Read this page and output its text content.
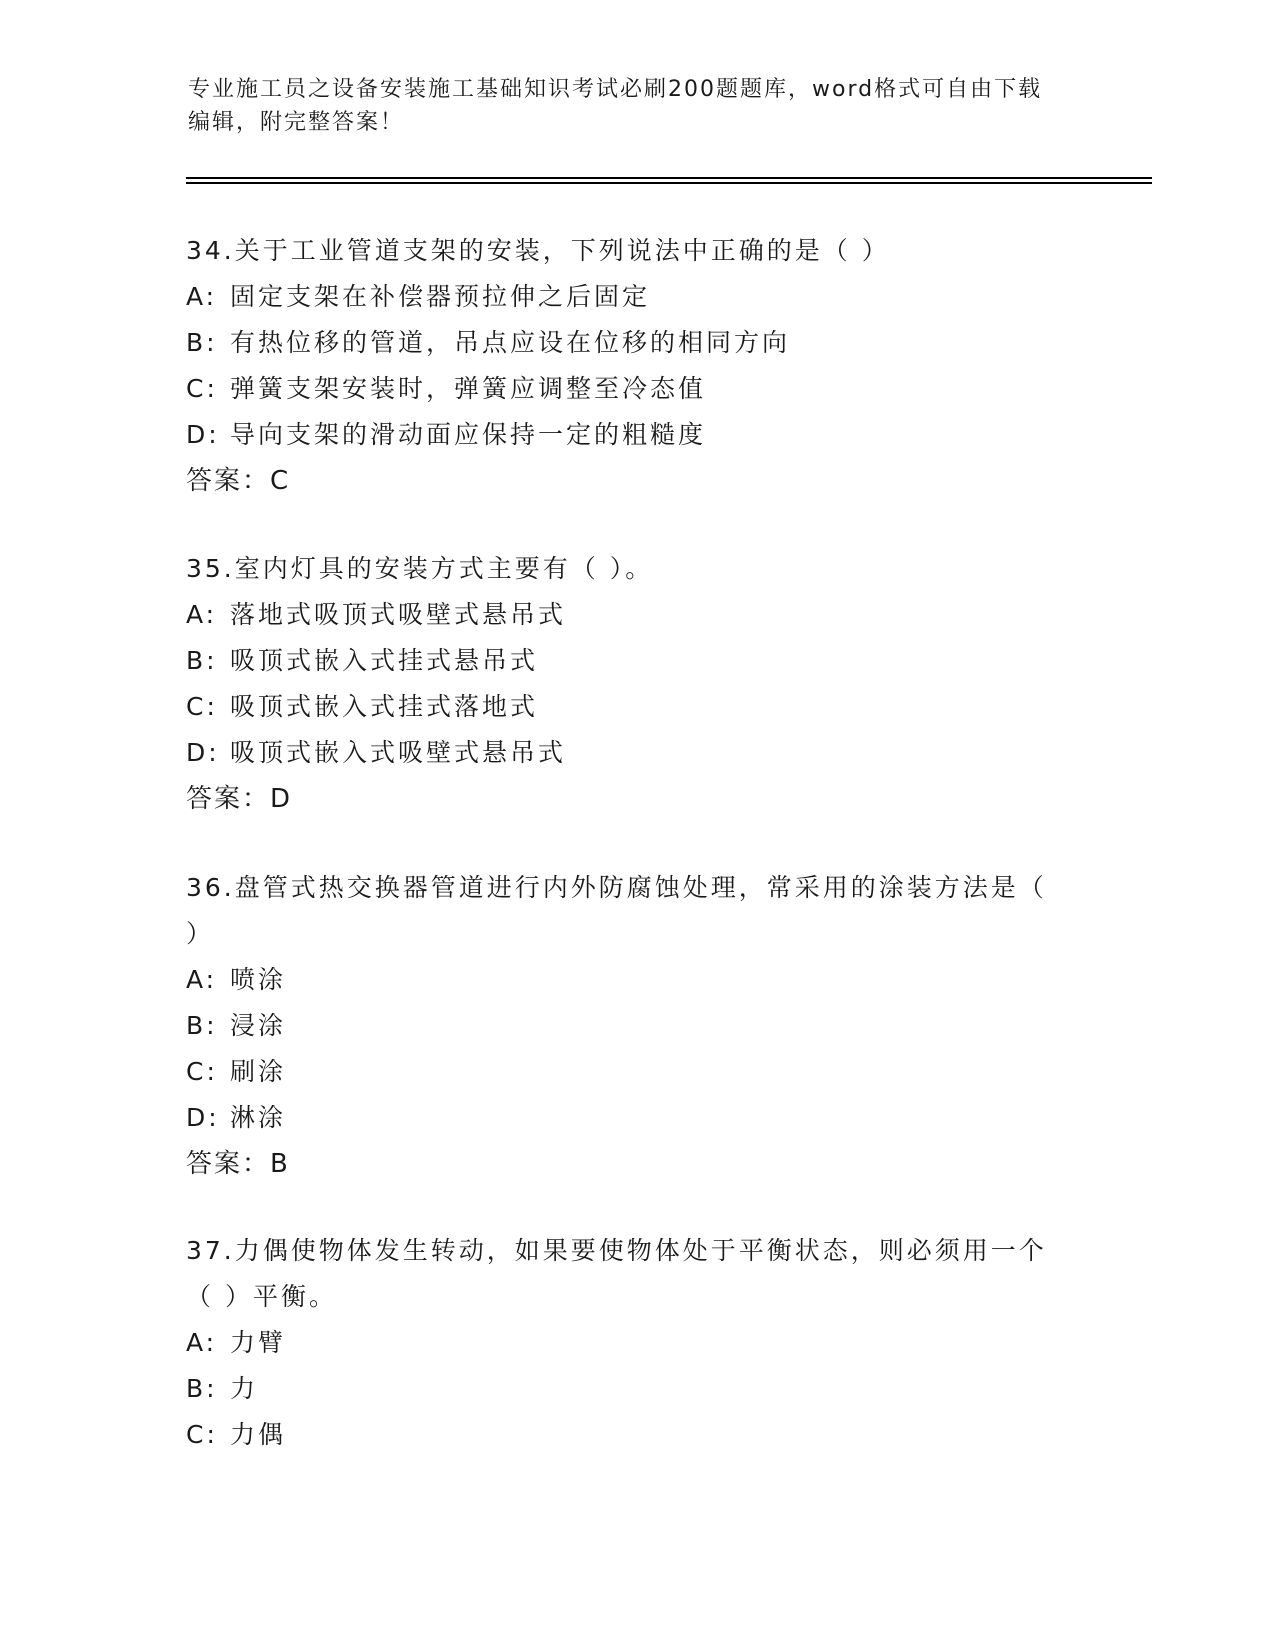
专业施工员之设备安装施工基础知识考试必刷200题题库，word格式可自由下载
编辑，附完整答案！
34.关于工业管道支架的安装，下列说法中正确的是（ ）
A: 固定支架在补偿器预拉伸之后固定
B: 有热位移的管道，吊点应设在位移的相同方向
C: 弹簧支架安装时，弹簧应调整至冷态值
D: 导向支架的滑动面应保持一定的粗糙度
答案：C
35.室内灯具的安装方式主要有（ ）。
A: 落地式吸顶式吸壁式悬吊式
B: 吸顶式嵌入式挂式悬吊式
C: 吸顶式嵌入式挂式落地式
D: 吸顶式嵌入式吸壁式悬吊式
答案：D
36.盘管式热交换器管道进行内外防腐蚀处理，常采用的涂装方法是（
）
A: 喷涂
B: 浸涂
C: 刷涂
D: 淋涂
答案：B
37.力偶使物体发生转动，如果要使物体处于平衡状态，则必须用一个
（ ）平衡。
A: 力臂
B: 力
C: 力偶
